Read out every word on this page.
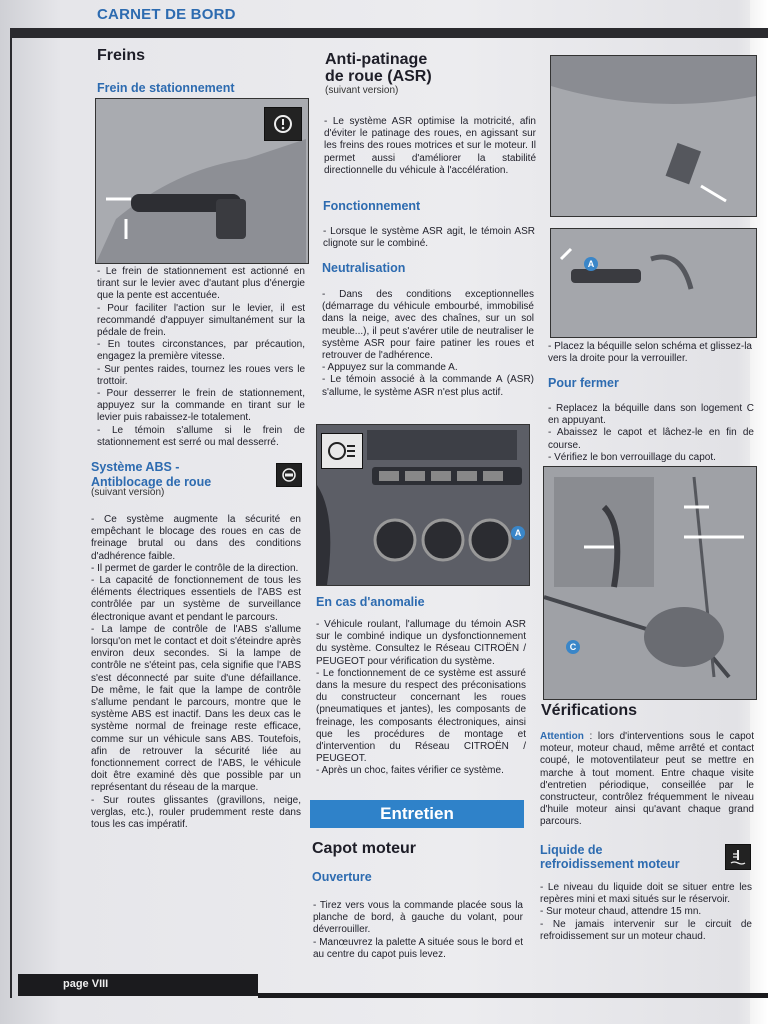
CARNET DE BORD
Freins
Frein de stationnement
- Le frein de stationnement est actionné en tirant sur le levier avec d'autant plus d'énergie que la pente est accentuée.
- Pour faciliter l'action sur le levier, il est recommandé d'appuyer simultanément sur la pédale de frein.
- En toutes circonstances, par précaution, engagez la première vitesse.
- Sur pentes raides, tournez les roues vers le trottoir.
- Pour desserrer le frein de stationnement, appuyez sur la commande en tirant sur le levier puis rabaissez-le totalement.
- Le témoin s'allume si le frein de stationnement est serré ou mal desserré.
Système ABS -
Antiblocage de roue
(suivant version)
- Ce système augmente la sécurité en empêchant le blocage des roues en cas de freinage brutal ou dans des conditions d'adhérence faible.
- Il permet de garder le contrôle de la direction.
- La capacité de fonctionnement de tous les éléments électriques essentiels de l'ABS est contrôlée par un système de surveillance électronique avant et pendant le parcours.
- La lampe de contrôle de l'ABS s'allume lorsqu'on met le contact et doit s'éteindre après environ deux secondes. Si la lampe de contrôle ne s'éteint pas, cela signifie que l'ABS s'est déconnecté par suite d'une défaillance. De même, le fait que la lampe de contrôle s'allume pendant le parcours, montre que le système ABS est inactif. Dans les deux cas le système normal de freinage reste efficace, comme sur un véhicule sans ABS. Toutefois, afin de retrouver la sécurité liée au fonctionnement correct de l'ABS, le véhicule doit être examiné dès que possible par un représentant du réseau de la marque.
- Sur routes glissantes (gravillons, neige, verglas, etc.), rouler prudemment reste dans tous les cas impératif.
Anti-patinage
de roue (ASR)
(suivant version)

- Le système ASR optimise la motricité, afin d'éviter le patinage des roues, en agissant sur les freins des roues motrices et sur le moteur. Il permet aussi d'améliorer la stabilité directionnelle du véhicule à l'accélération.

Fonctionnement

- Lorsque le système ASR agit, le témoin ASR clignote sur le combiné.

Neutralisation
- Dans des conditions exceptionnelles (démarrage du véhicule embourbé, immobilisé dans la neige, avec des chaînes, sur un sol meuble...), il peut s'avérer utile de neutraliser le système ASR pour faire patiner les roues et retrouver de l'adhérence.
- Appuyez sur la commande A.
- Le témoin associé à la commande A (ASR) s'allume, le système ASR n'est plus actif.
A
En cas d'anomalie
- Véhicule roulant, l'allumage du témoin ASR sur le combiné indique un dysfonctionnement du système. Consultez le Réseau CITROËN / PEUGEOT pour vérification du système.
- Le fonctionnement de ce système est assuré dans la mesure du respect des préconisations du constructeur concernant les roues (pneumatiques et jantes), les composants de freinage, les composants électroniques, ainsi que les procédures de montage et d'intervention du Réseau CITROËN / PEUGEOT.
- Après un choc, faites vérifier ce système.
Entretien
Capot moteur
Ouverture
- Tirez vers vous la commande placée sous la planche de bord, à gauche du volant, pour déverrouiller.
- Manœuvrez la palette A située sous le bord et au centre du capot puis levez.
A

- Placez la béquille selon schéma et glissez-la vers la droite pour la verrouiller.

Pour fermer
- Replacez la béquille dans son logement C en appuyant.
- Abaissez le capot et lâchez-le en fin de course.
- Vérifiez le bon verrouillage du capot.
C
Vérifications

Attention : lors d'interventions sous le capot moteur, moteur chaud, même arrêté et contact coupé, le motoventilateur peut se mettre en marche à tout moment. Entre chaque visite d'entretien périodique, conseillée par le constructeur, contrôlez fréquemment le niveau d'huile moteur ainsi qu'avant chaque grand parcours.

Liquide de
refroidissement moteur
- Le niveau du liquide doit se situer entre les repères mini et maxi situés sur le réservoir.
- Sur moteur chaud, attendre 15 mn.
- Ne jamais intervenir sur le circuit de refroidissement sur un moteur chaud.
page VIII
